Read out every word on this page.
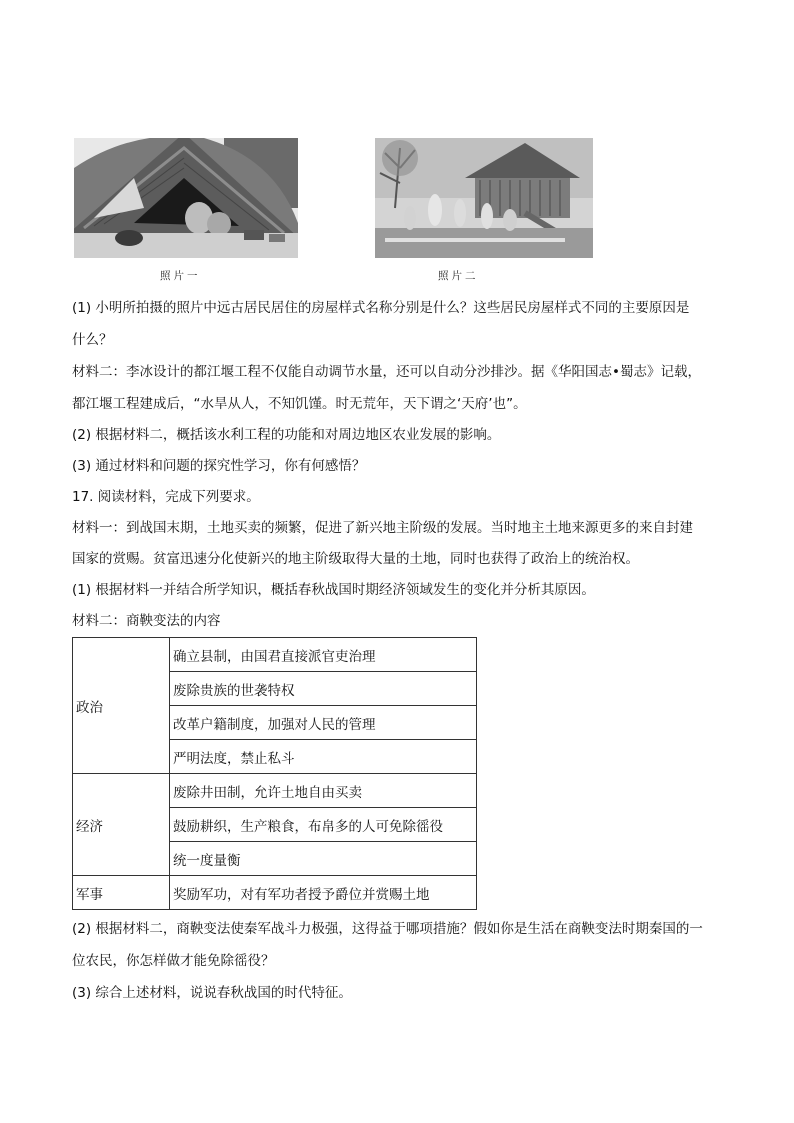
照片一	照片二
(1) 小明所拍摄的照片中远古居民居住的房屋样式名称分别是什么？这些居民房屋样式不同的主要原因是
什么？
材料二：李冰设计的都江堰工程不仅能自动调节水量，还可以自动分沙排沙。据《华阳国志•蜀志》记载，
都江堰工程建成后，“水旱从人，不知饥馑。时无荒年，天下谓之‘天府’也”。
(2) 根据材料二，概括该水利工程的功能和对周边地区农业发展的影响。
(3) 通过材料和问题的探究性学习，你有何感悟？
17. 阅读材料，完成下列要求。
材料一：到战国末期，土地买卖的频繁，促进了新兴地主阶级的发展。当时地主土地来源更多的来自封建
国家的赏赐。贫富迅速分化使新兴的地主阶级取得大量的土地，同时也获得了政治上的统治权。
(1) 根据材料一并结合所学知识，概括春秋战国时期经济领域发生的变化并分析其原因。
材料二：商鞅变法的内容
政治	确立县制，由国君直接派官吏治理
	废除贵族的世袭特权
	改革户籍制度，加强对人民的管理
	严明法度，禁止私斗
经济	废除井田制，允许土地自由买卖
	鼓励耕织，生产粮食，布帛多的人可免除徭役
	统一度量衡
军事	奖励军功，对有军功者授予爵位并赏赐土地
(2) 根据材料二，商鞅变法使秦军战斗力极强，这得益于哪项措施？假如你是生活在商鞅变法时期秦国的一
位农民，你怎样做才能免除徭役？
(3) 综合上述材料，说说春秋战国的时代特征。
